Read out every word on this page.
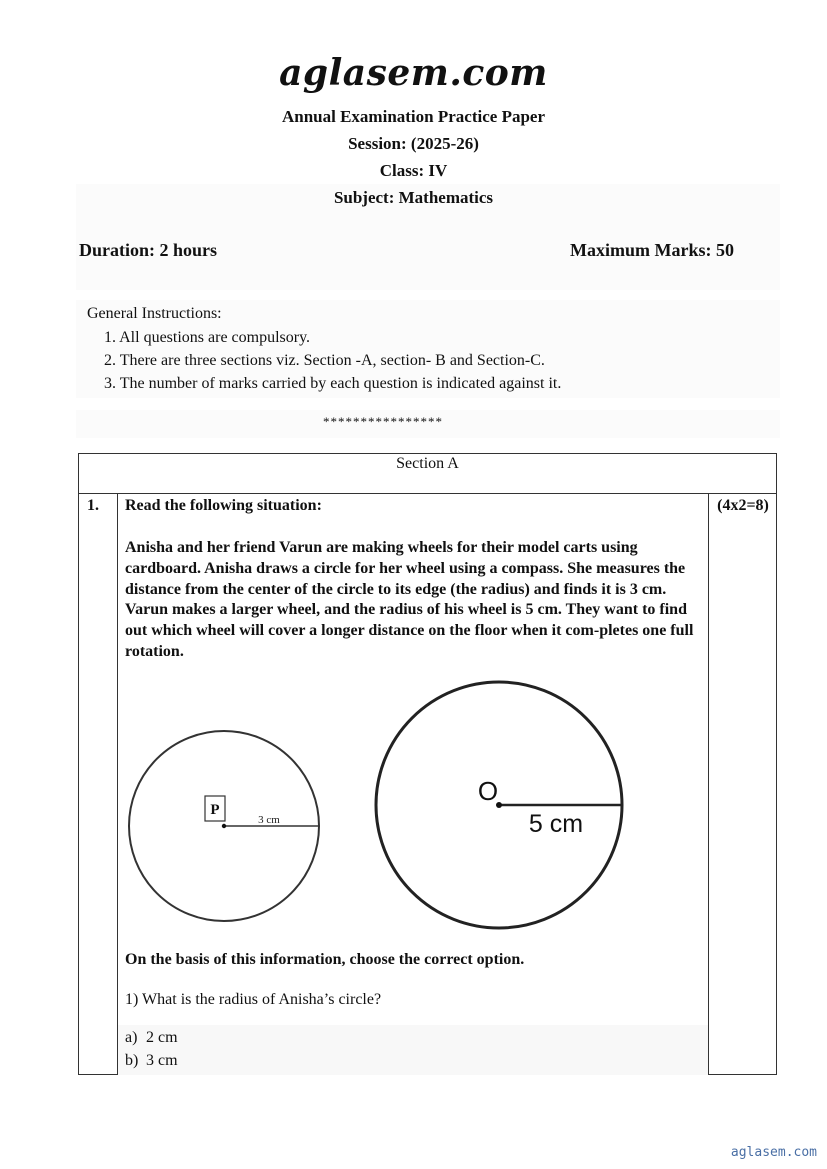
aglasem.com
Annual Examination Practice Paper
Session: (2025-26)
Class: IV
Subject: Mathematics
Duration: 2 hours	Maximum Marks: 50
General Instructions:
1. All questions are compulsory.
2. There are three sections viz. Section -A, section- B and Section-C.
3. The number of marks carried by each question is indicated against it.
****************
Section A
1.	(4x2=8)
Read the following situation:

Anisha and her friend Varun are making wheels for their model carts using cardboard. Anisha draws a circle for her wheel using a compass. She measures the distance from the center of the circle to its edge (the radius) and finds it is 3 cm. Varun makes a larger wheel, and the radius of his wheel is 5 cm. They want to find out which wheel will cover a longer distance on the floor when it com-pletes one full rotation.

P
3 cm
O
5 cm
On the basis of this information, choose the correct option.
1) What is the radius of Anisha’s circle?
a) 2 cm
b) 3 cm
aglasem.com
